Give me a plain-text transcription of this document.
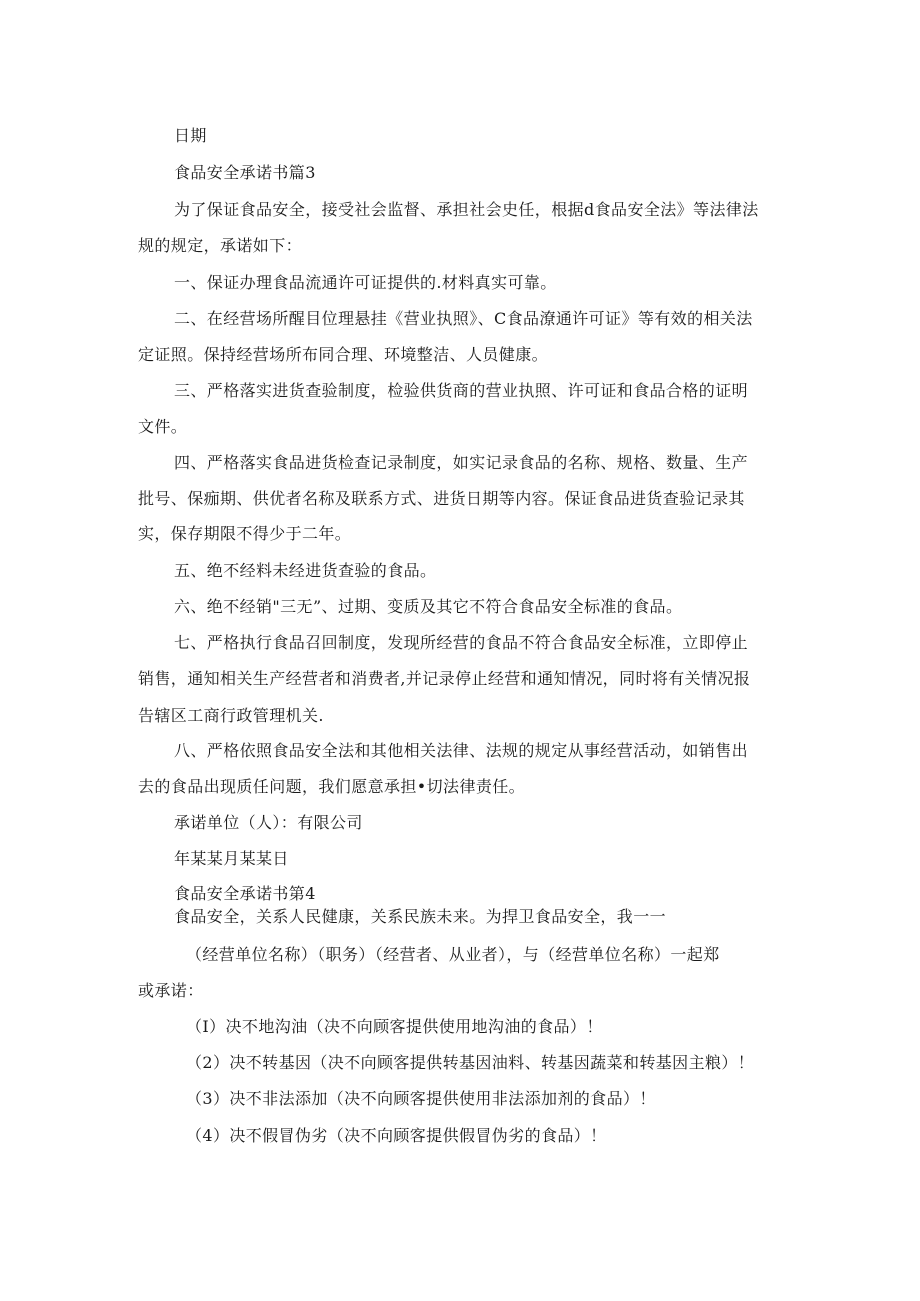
日期
食品安全承诺书篇3
为了保证食品安全，接受社会监督、承担社会史任，根据d食品安全法》等法律法
规的规定，承诺如下：
一、保证办理食品流通许可证提供的.材料真实可靠。
二、在经营场所醒目位理悬挂《营业执照》、C食品潦通许可证》等有效的相关法
定证照。保持经营场所布同合理、环境整洁、人员健康。
三、严格落实进货查验制度，检验供货商的营业执照、许可证和食品合格的证明
文件。
四、严格落实食品进货检查记录制度，如实记录食品的名称、规格、数量、生产
批号、保痂期、供优者名称及联系方式、进货日期等内容。保证食品进货查验记录其
实，保存期限不得少于二年。
五、绝不经料未经进货查验的食品。
六、绝不经销"三无”、过期、变质及其它不符合食品安全标准的食品。
七、严格执行食品召回制度，发现所经营的食品不符合食品安全标准，立即停止
销售，通知相关生产经营者和消费者,并记录停止经营和通知情况，同时将有关情况报
告辖区工商行政管理机关.
八、严格依照食品安全法和其他相关法律、法规的规定从事经营活动，如销售出
去的食品出现质任问题，我们愿意承担•切法律责任。
承诺单位（人）：有限公司
年某某月某某日
食品安全承诺书第4
食品安全，关系人民健康，关系民族未来。为捍卫食品安全，我一一
（经营单位名称）（职务）（经营者、从业者），与（经营单位名称）一起郑
或承诺：
（I）决不地沟油（决不向顾客提供使用地沟油的食品）！
（2）决不转基因（决不向顾客提供转基因油料、转基因蔬菜和转基因主粮）！
（3）决不非法添加（决不向顾客提供使用非法添加剂的食品）！
（4）决不假冒伪劣（决不向顾客提供假冒伪劣的食品）！
